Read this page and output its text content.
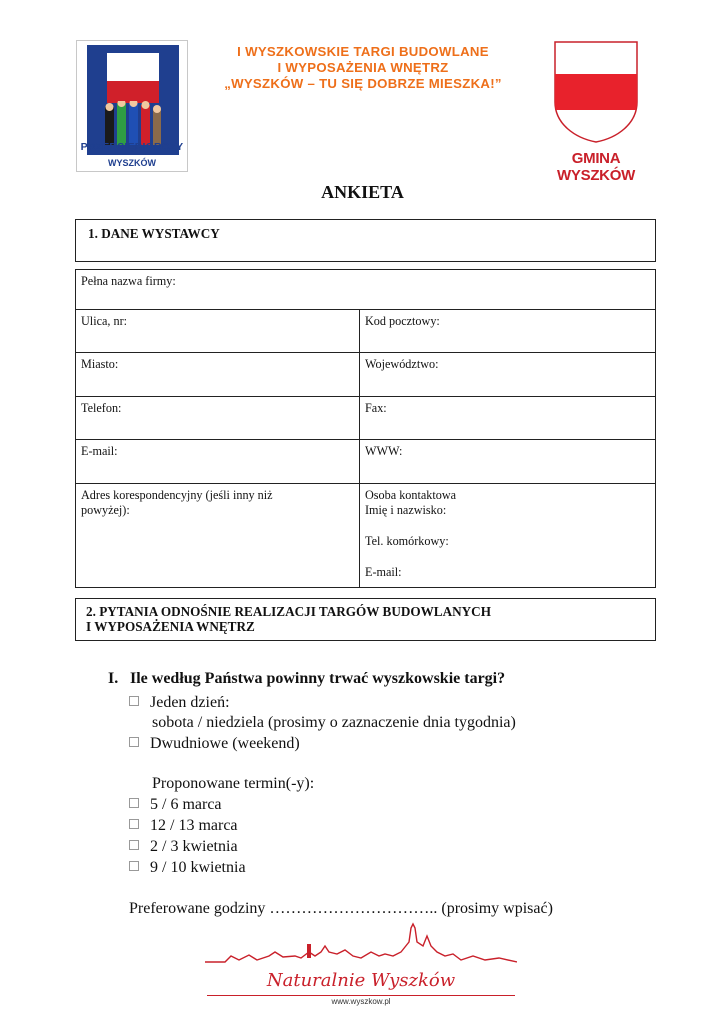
PRZEDSIĘBIORCZY
WYSZKÓW
I WYSZKOWSKIE TARGI BUDOWLANE
I WYPOSAŻENIA WNĘTRZ
„WYSZKÓW – TU SIĘ DOBRZE MIESZKA!”
GMINA WYSZKÓW
ANKIETA
1. DANE WYSTAWCY
Pełna nazwa firmy:	

Ulica, nr:	Kod pocztowy:

Miasto:	Województwo:

Telefon:	Fax:

E-mail:	WWW:

Adres korespondencyjny (jeśli inny niż
powyżej):	Osoba kontaktowa
Imię i nazwisko:
Tel. komórkowy:
E-mail:
2. PYTANIA ODNOŚNIE REALIZACJI TARGÓW BUDOWLANYCH
I WYPOSAŻENIA WNĘTRZ
I. Ile według Państwa powinny trwać wyszkowskie targi?
Jeden dzień:
sobota / niedziela (prosimy o zaznaczenie dnia tygodnia)
Dwudniowe (weekend)
Proponowane termin(-y):
5 / 6 marca
12 / 13 marca
2 / 3 kwietnia
9 / 10 kwietnia
Preferowane godziny ………………………….. (prosimy wpisać)
Naturalnie Wyszków
www.wyszkow.pl
